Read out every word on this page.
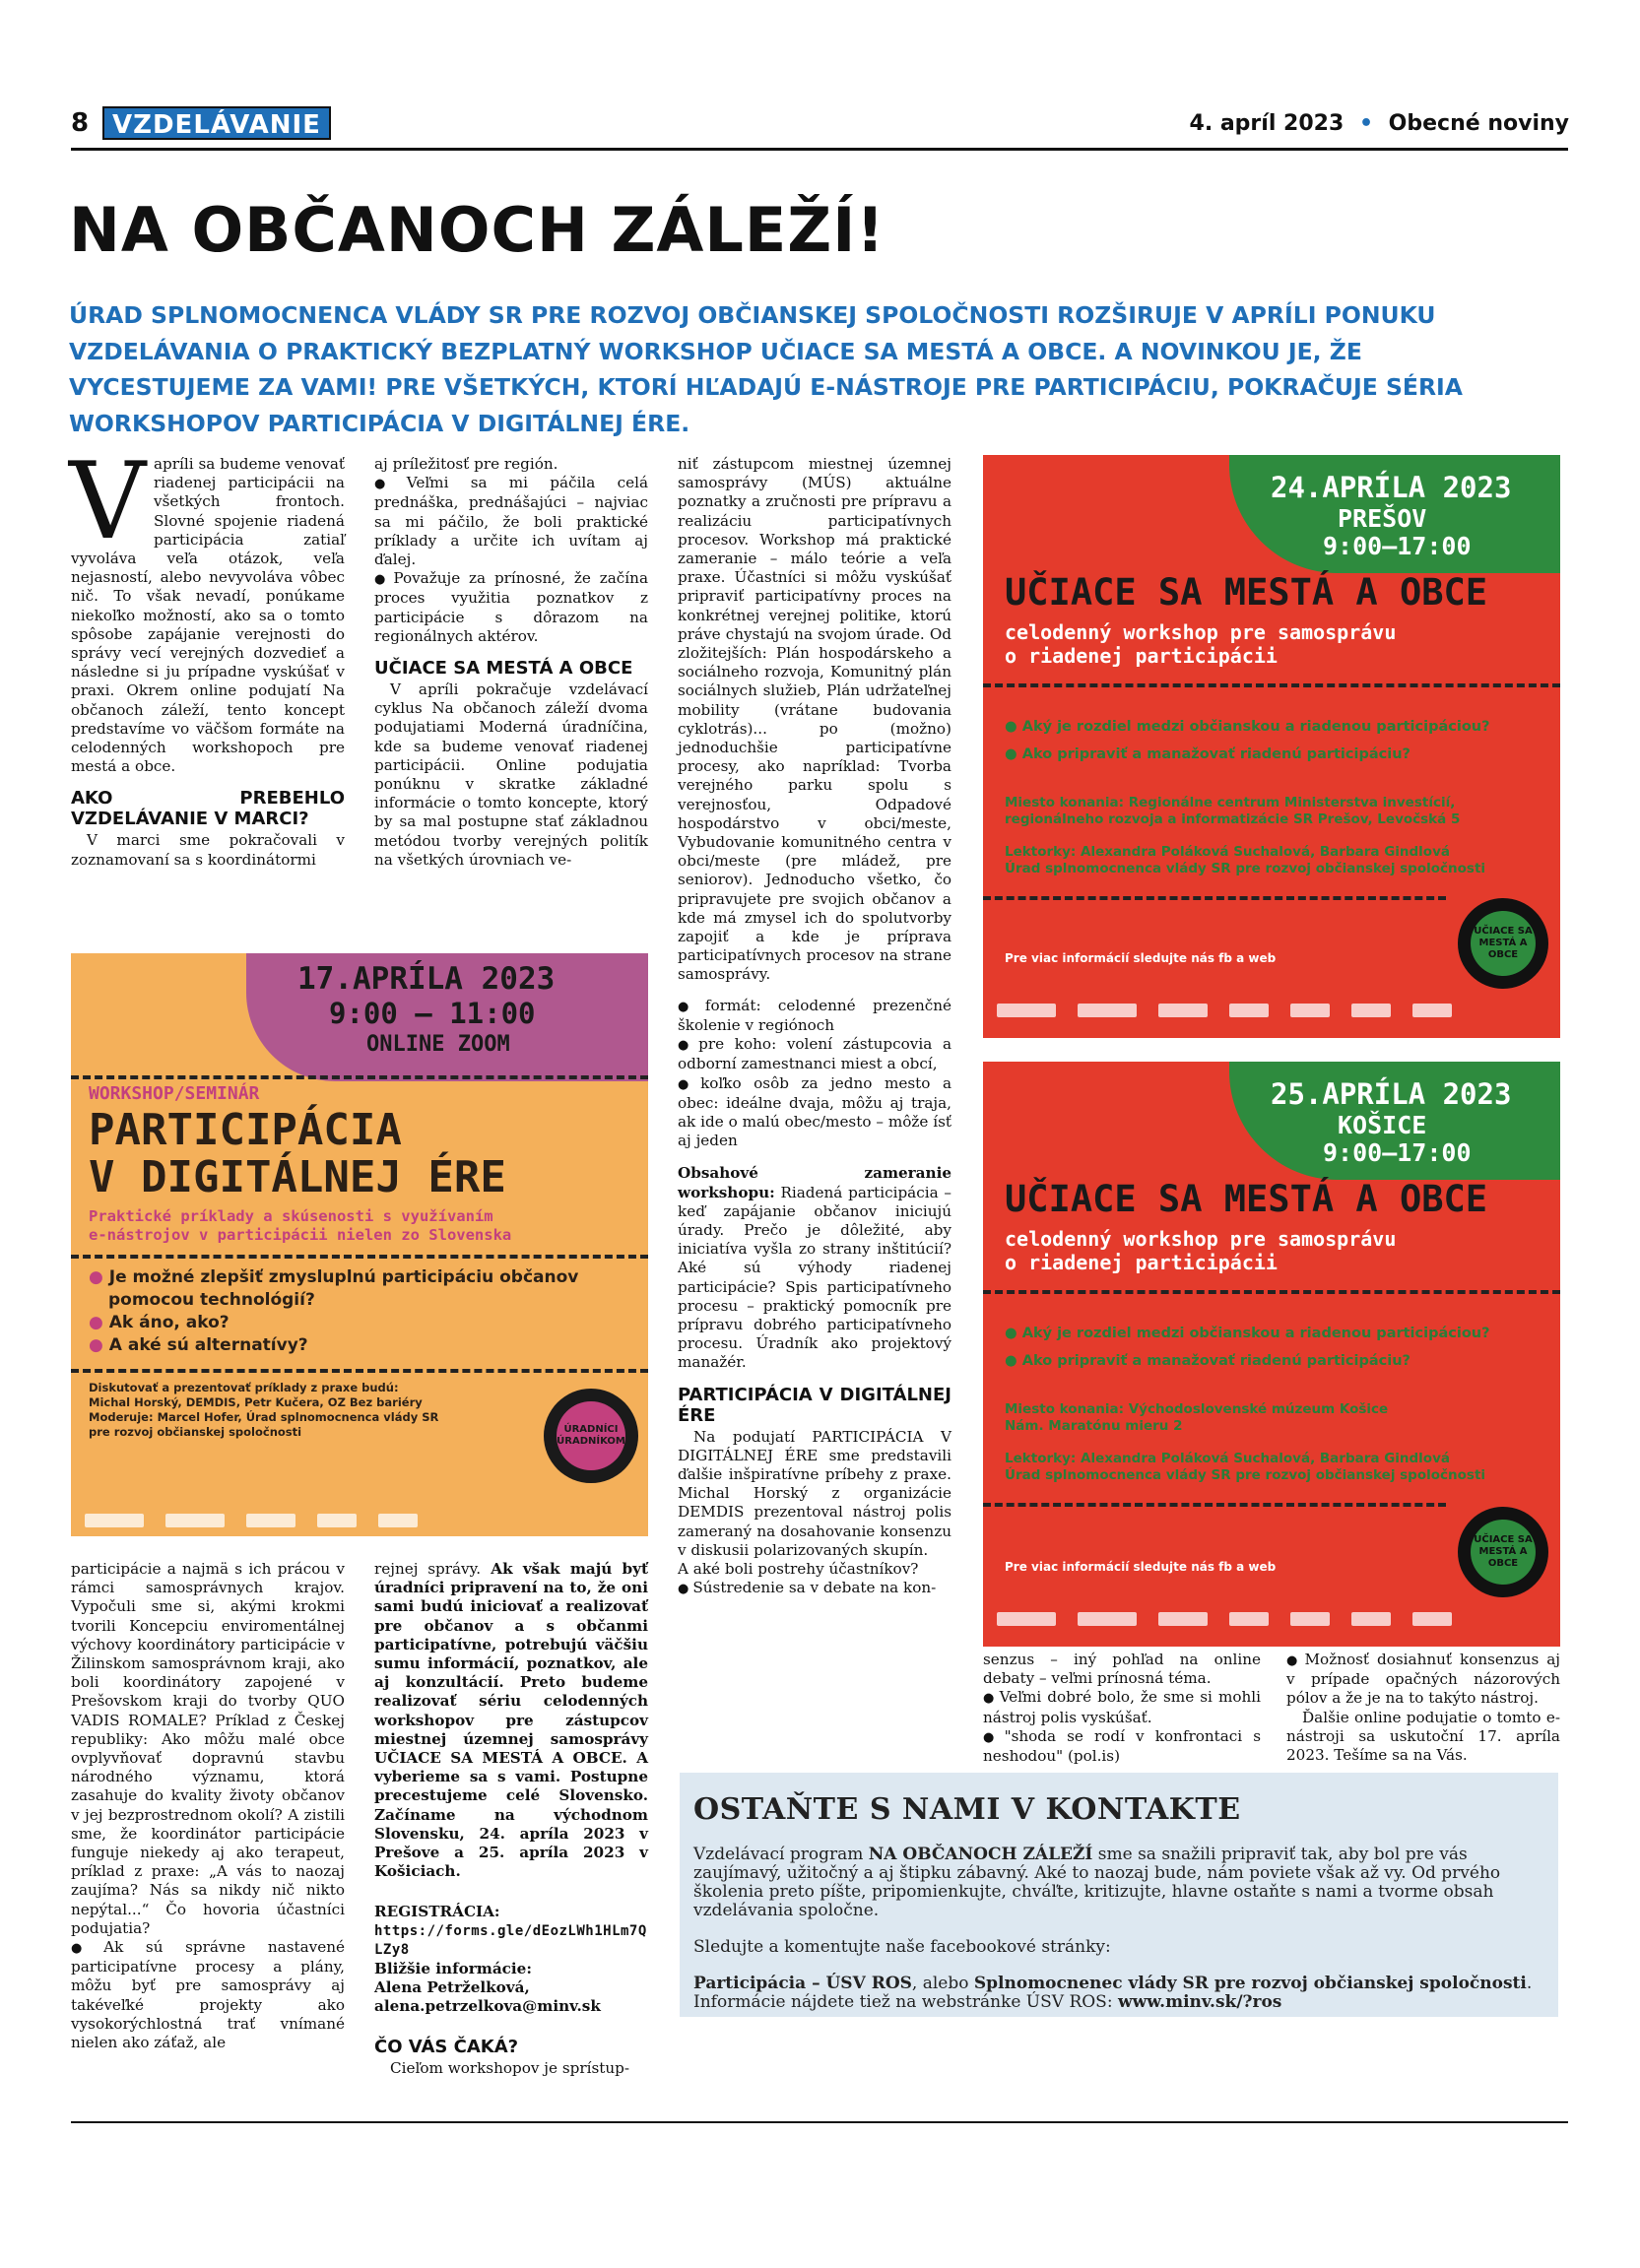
8 VZDELÁVANIE	4. apríl 2023 • Obecné noviny
NA OBČANOCH ZÁLEŽÍ!
ÚRAD SPLNOMOCNENCA VLÁDY SR PRE ROZVOJ OBČIANSKEJ SPOLOČNOSTI ROZŠIRUJE V APRÍLI PONUKU
VZDELÁVANIA O PRAKTICKÝ BEZPLATNÝ WORKSHOP UČIACE SA MESTÁ A OBCE. A NOVINKOU JE, ŽE
VYCESTUJEME ZA VAMI! PRE VŠETKÝCH, KTORÍ HĽADAJÚ E-NÁSTROJE PRE PARTICIPÁCIU, POKRAČUJE SÉRIA
WORKSHOPOV PARTICIPÁCIA V DIGITÁLNEJ ÉRE.
V apríli sa budeme venovať riadenej participácii na všetkých frontoch. Slovné spojenie riadená participácia zatiaľ vyvoláva veľa otázok, veľa nejasností, alebo nevyvoláva vôbec nič. To však nevadí, ponúkame niekoľko možností, ako sa o tomto spôsobe zapájanie verejnosti do správy vecí verejných dozvedieť a následne si ju prípadne vyskúšať v praxi. Okrem online podujatí Na občanoch záleží, tento koncept predstavíme vo väčšom formáte na celodenných workshopoch pre mestá a obce.

AKO PREBEHLO VZDELÁVANIE V MARCI?

V marci sme pokračovali v zoznamovaní sa s koordinátormi

aj príležitosť pre región.

● Veľmi sa mi páčila celá prednáška, prednášajúci – najviac sa mi páčilo, že boli praktické príklady a určite ich uvítam aj ďalej.

● Považuje za prínosné, že začína proces využitia poznatkov z participácie s dôrazom na regionálnych aktérov.

UČIACE SA MESTÁ A OBCE

V apríli pokračuje vzdelávací cyklus Na občanoch záleží dvoma podujatiami Moderná úradníčina, kde sa budeme venovať riadenej participácii. Online podujatia ponúknu v skratke základné informácie o tomto koncepte, ktorý by sa mal postupne stať základnou metódou tvorby verejných politík na všetkých úrovniach ve-

niť zástupcom miestnej územnej samosprávy (MÚS) aktuálne poznatky a zručnosti pre prípravu a realizáciu participatívnych procesov. Workshop má praktické zameranie – málo teórie a veľa praxe. Účastníci si môžu vyskúšať pripraviť participatívny proces na konkrétnej verejnej politike, ktorú práve chystajú na svojom úrade. Od zložitejších: Plán hospodárskeho a sociálneho rozvoja, Komunitný plán sociálnych služieb, Plán udržateľnej mobility (vrátane budovania cyklotrás)... po (možno) jednoduchšie participatívne procesy, ako napríklad: Tvorba verejného parku spolu s verejnosťou, Odpadové hospodárstvo v obci/meste, Vybudovanie komunitného centra v obci/meste (pre mládež, pre seniorov). Jednoducho všetko, čo pripravujete pre svojich občanov a kde má zmysel ich do spolutvorby zapojiť a kde je príprava participatívnych procesov na strane samosprávy.

● formát: celodenné prezenčné školenie v regiónoch

● pre koho: volení zástupcovia a odborní zamestnanci miest a obcí,

● koľko osôb za jedno mesto a obec: ideálne dvaja, môžu aj traja, ak ide o malú obec/mesto – môže ísť aj jeden

Obsahové zameranie workshopu: Riadená participácia – keď zapájanie občanov iniciujú úrady. Prečo je dôležité, aby iniciatíva vyšla zo strany inštitúcií? Aké sú výhody riadenej participácie? Spis participatívneho procesu – praktický pomocník pre prípravu dobrého participatívneho procesu. Úradník ako projektový manažér.

PARTICIPÁCIA V DIGITÁLNEJ ÉRE

Na podujatí PARTICIPÁCIA V DIGITÁLNEJ ÉRE sme predstavili ďalšie inšpiratívne príbehy z praxe. Michal Horský z organizácie DEMDIS prezentoval nástroj polis zameraný na dosahovanie konsenzu v diskusii polarizovaných skupín.

A aké boli postrehy účastníkov?

● Sústredenie sa v debate na kon-

17.APRÍLA 2023
9:00 — 11:00
ONLINE ZOOM
WORKSHOP/SEMINÁR
PARTICIPÁCIA
V DIGITÁLNEJ ÉRE
Praktické príklady a skúsenosti s využívaním
e-nástrojov v participácii nielen zo Slovenska
● Je možné zlepšiť zmysluplnú participáciu občanov
pomocou technológií?
● Ak áno, ako?
● A aké sú alternatívy?
Diskutovať a prezentovať príklady z praxe budú:
Michal Horský, DEMDIS, Petr Kučera, OZ Bez bariéry
Moderuje: Marcel Hofer, Úrad splnomocnenca vlády SR
pre rozvoj občianskej spoločnosti	ÚRADNÍCI ÚRADNÍKOM
24.APRÍLA 2023
PREŠOV
9:00–17:00
UČIACE SA MESTÁ A OBCE
celodenný workshop pre samosprávu
o riadenej participácii
● Aký je rozdiel medzi občianskou a riadenou participáciou?
● Ako pripraviť a manažovať riadenú participáciu?
Miesto konania: Regionálne centrum Ministerstva investícií,
regionálneho rozvoja a informatizácie SR Prešov, Levočská 5
Lektorky: Alexandra Poláková Suchalová, Barbara Gindlová
Úrad splnomocnenca vlády SR pre rozvoj občianskej spoločnosti
UČIACE SA MESTÁ A OBCE
Pre viac informácií sledujte nás fb a web
25.APRÍLA 2023
KOŠICE
9:00–17:00
UČIACE SA MESTÁ A OBCE
celodenný workshop pre samosprávu
o riadenej participácii
● Aký je rozdiel medzi občianskou a riadenou participáciou?
● Ako pripraviť a manažovať riadenú participáciu?
Miesto konania: Východoslovenské múzeum Košice
Nám. Maratónu mieru 2
Lektorky: Alexandra Poláková Suchalová, Barbara Gindlová
Úrad splnomocnenca vlády SR pre rozvoj občianskej spoločnosti
UČIACE SA MESTÁ A OBCE
Pre viac informácií sledujte nás fb a web

participácie a najmä s ich prácou v rámci samosprávnych krajov. Vypočuli sme si, akými krokmi tvorili Koncepciu enviromentálnej výchovy koordinátory participácie v Žilinskom samosprávnom kraji, ako boli koordinátory zapojené v Prešovskom kraji do tvorby QUO VADIS ROMALE? Príklad z Českej republiky: Ako môžu malé obce ovplyvňovať dopravnú stavbu národného významu, ktorá zasahuje do kvality životy občanov v jej bezprostrednom okolí? A zistili sme, že koordinátor participácie funguje niekedy aj ako terapeut, príklad z praxe: „A vás to naozaj zaujíma? Nás sa nikdy nič nikto nepýtal...“ Čo hovoria účastníci podujatia?

● Ak sú správne nastavené participatívne procesy a plány, môžu byť pre samosprávy aj takéveľké projekty ako vysokorýchlostná trať vnímané nielen ako záťaž, ale

rejnej správy. Ak však majú byť úradníci pripravení na to, že oni sami budú iniciovať a realizovať pre občanov a s občanmi participatívne, potrebujú väčšiu sumu informácií, poznatkov, ale aj konzultácií. Preto budeme realizovať sériu celodenných workshopov pre zástupcov miestnej územnej samosprávy UČIACE SA MESTÁ A OBCE. A vyberieme sa s vami. Postupne precestujeme celé Slovensko. Začíname na východnom Slovensku, 24. apríla 2023 v Prešove a 25. apríla 2023 v Košiciach.

REGISTRÁCIA:

https://forms.gle/dEozLWh1HLm7QLZy8

Bližšie informácie:

Alena Petrželková,

alena.petrzelkova@minv.sk

ČO VÁS ČAKÁ?

Cieľom workshopov je sprístup-

senzus – iný pohľad na online debaty – veľmi prínosná téma.

● Veľmi dobré bolo, že sme si mohli nástroj polis vyskúšať.

● "shoda se rodí v konfrontaci s neshodou" (pol.is)

● Možnosť dosiahnuť konsenzus aj v prípade opačných názorových pólov a že je na to takýto nástroj.

Ďalšie online podujatie o tomto e-nástroji sa uskutoční 17. apríla 2023. Tešíme sa na Vás.

OSTAŇTE S NAMI V KONTAKTE

Vzdelávací program NA OBČANOCH ZÁLEŽÍ sme sa snažili pripraviť tak, aby bol pre vás zaujímavý, užitočný a aj štipku zábavný. Aké to naozaj bude, nám poviete však až vy. Od prvého školenia preto píšte, pripomienkujte, chváľte, kritizujte, hlavne ostaňte s nami a tvorme obsah vzdelávania spoločne.

Sledujte a komentujte naše facebookové stránky:

Participácia – ÚSV ROS, alebo Splnomocnenec vlády SR pre rozvoj občianskej spoločnosti.

Informácie nájdete tiež na webstránke ÚSV ROS: www.minv.sk/?ros
